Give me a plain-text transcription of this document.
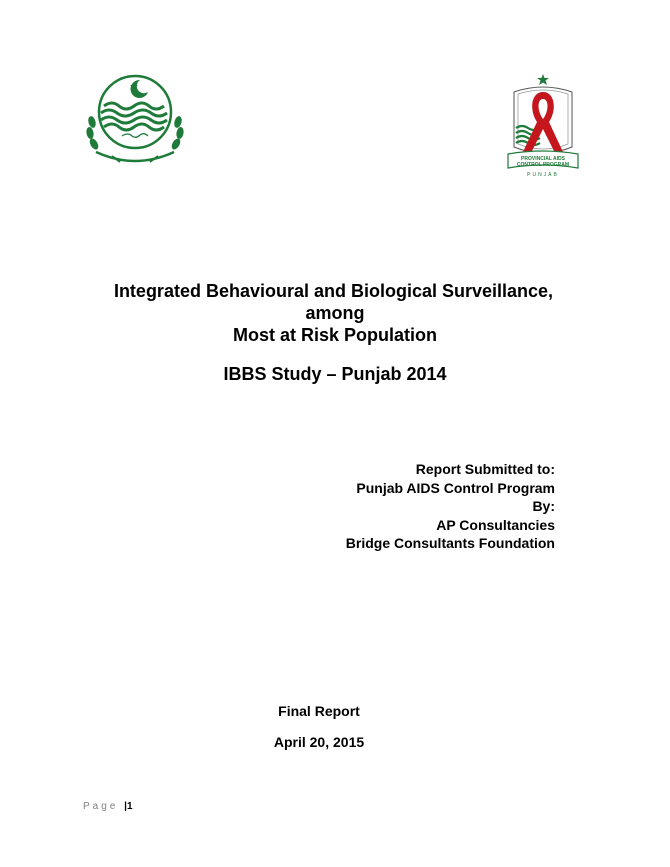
PROVINCIAL AIDS
CONTROL PROGRAM
PUNJAB
Integrated Behavioural and Biological Surveillance,
among
Most at Risk Population
IBBS Study – Punjab 2014
Report Submitted to:
Punjab AIDS Control Program
By:
AP Consultancies
Bridge Consultants Foundation
Final Report
April 20, 2015
Page |1
